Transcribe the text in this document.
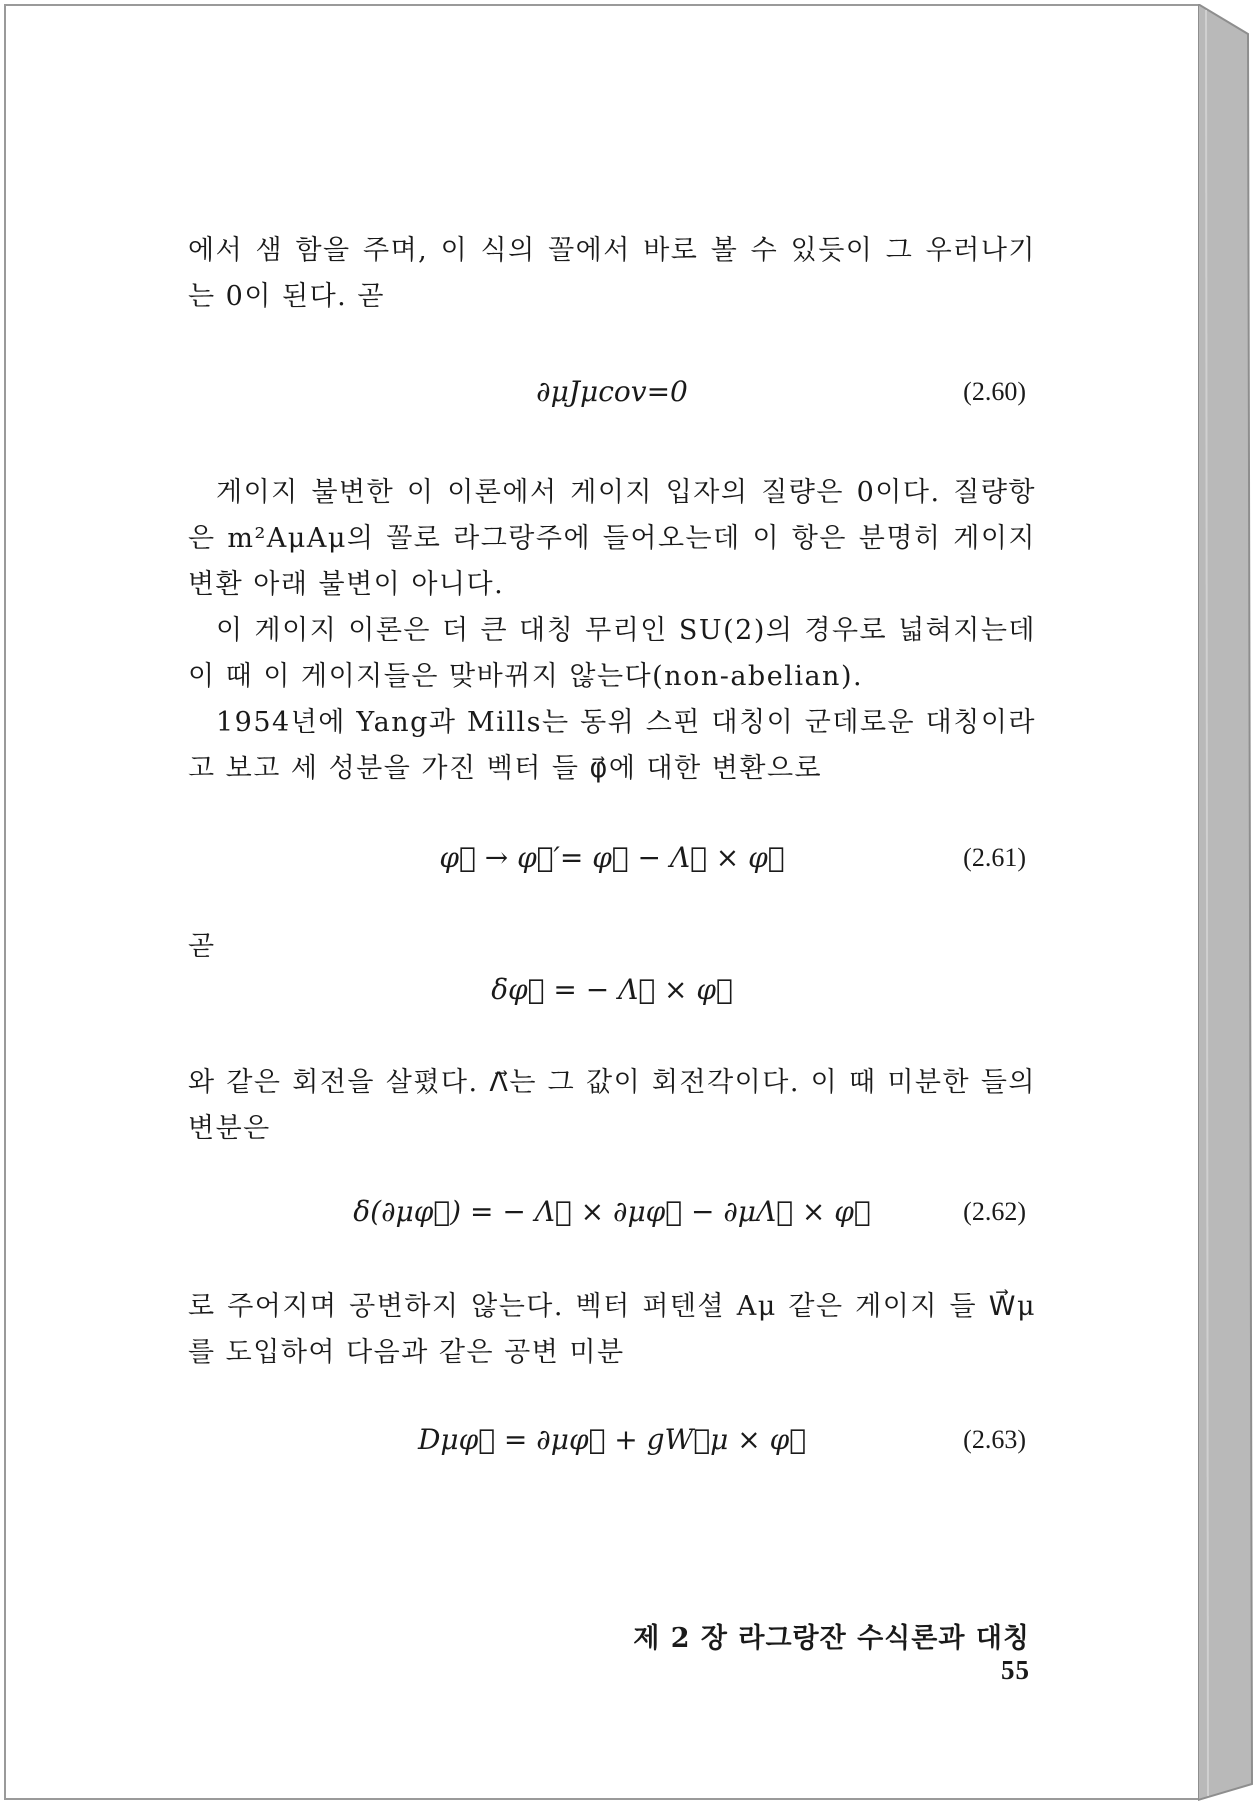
에서 샘 함을 주며, 이 식의 꼴에서 바로 볼 수 있듯이 그 우러나기는 0이 된다. 곧

∂μJμcov=0	(2.60)

게이지 불변한 이 이론에서 게이지 입자의 질량은 0이다. 질량항은 m²AμAμ의 꼴로 라그랑주에 들어오는데 이 항은 분명히 게이지 변환 아래 불변이 아니다.

이 게이지 이론은 더 큰 대칭 무리인 SU(2)의 경우로 넓혀지는데 이 때 이 게이지들은 맞바뀌지 않는다(non-abelian).

1954년에 Yang과 Mills는 동위 스핀 대칭이 군데로운 대칭이라고 보고 세 성분을 가진 벡터 들 φ⃗에 대한 변환으로

φ⃗ → φ⃗′= φ⃗ − Λ⃗ × φ⃗	(2.61)

곧

δφ⃗ = − Λ⃗ × φ⃗

와 같은 회전을 살폈다. Λ⃗는 그 값이 회전각이다. 이 때 미분한 들의 변분은

δ(∂μφ⃗) = − Λ⃗ × ∂μφ⃗ − ∂μΛ⃗ × φ⃗	(2.62)

로 주어지며 공변하지 않는다. 벡터 퍼텐셜 Aμ 같은 게이지 들 W⃗μ를 도입하여 다음과 같은 공변 미분

Dμφ⃗ = ∂μφ⃗ + gW⃗μ × φ⃗	(2.63)
제 2 장 라그랑잔 수식론과 대칭55
